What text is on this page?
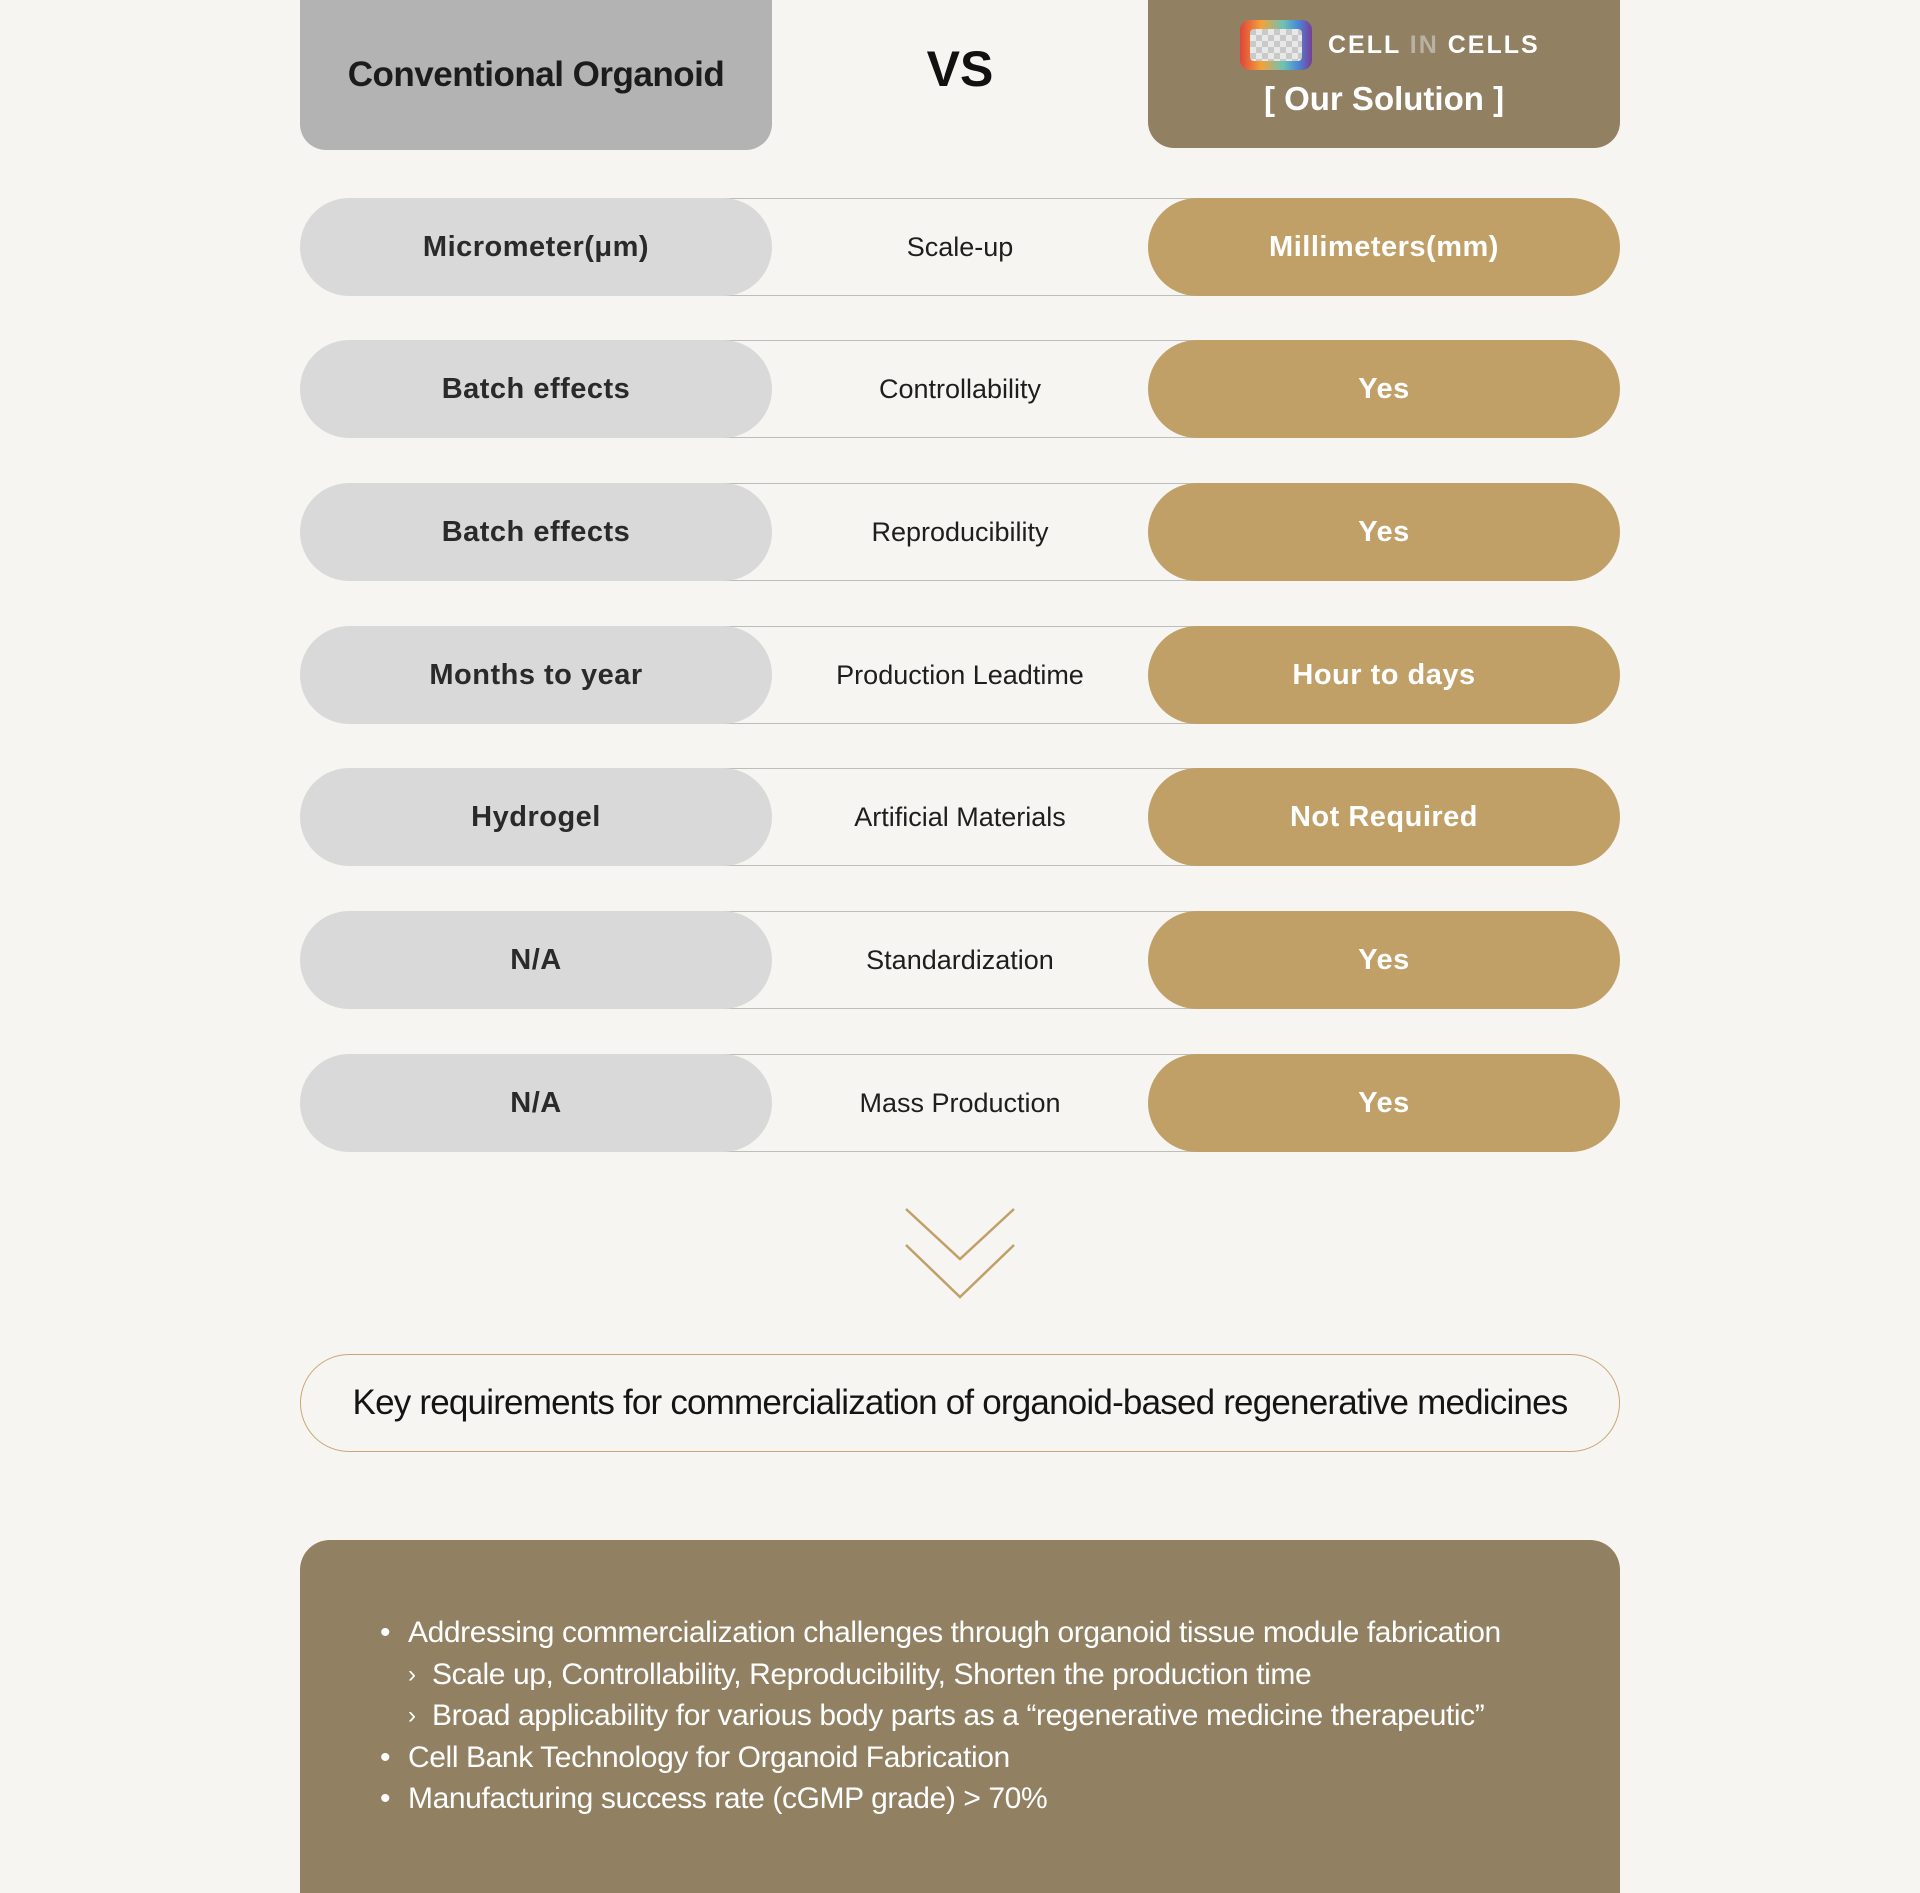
Conventional Organoid	VS	CELL IN CELLS
[ Our Solution ]
Micrometer(μm)	Scale-up	Millimeters(mm)
Batch effects	Controllability	Yes
Batch effects	Reproducibility	Yes
Months to year	Production Leadtime	Hour to days
Hydrogel	Artificial Materials	Not Required
N/A	Standardization	Yes
N/A	Mass Production	Yes
Key requirements for commercialization of organoid-based regenerative medicines
• Addressing commercialization challenges through organoid tissue module fabrication
› Scale up, Controllability, Reproducibility, Shorten the production time
› Broad applicability for various body parts as a “regenerative medicine therapeutic”
• Cell Bank Technology for Organoid Fabrication
• Manufacturing success rate (cGMP grade) > 70%
